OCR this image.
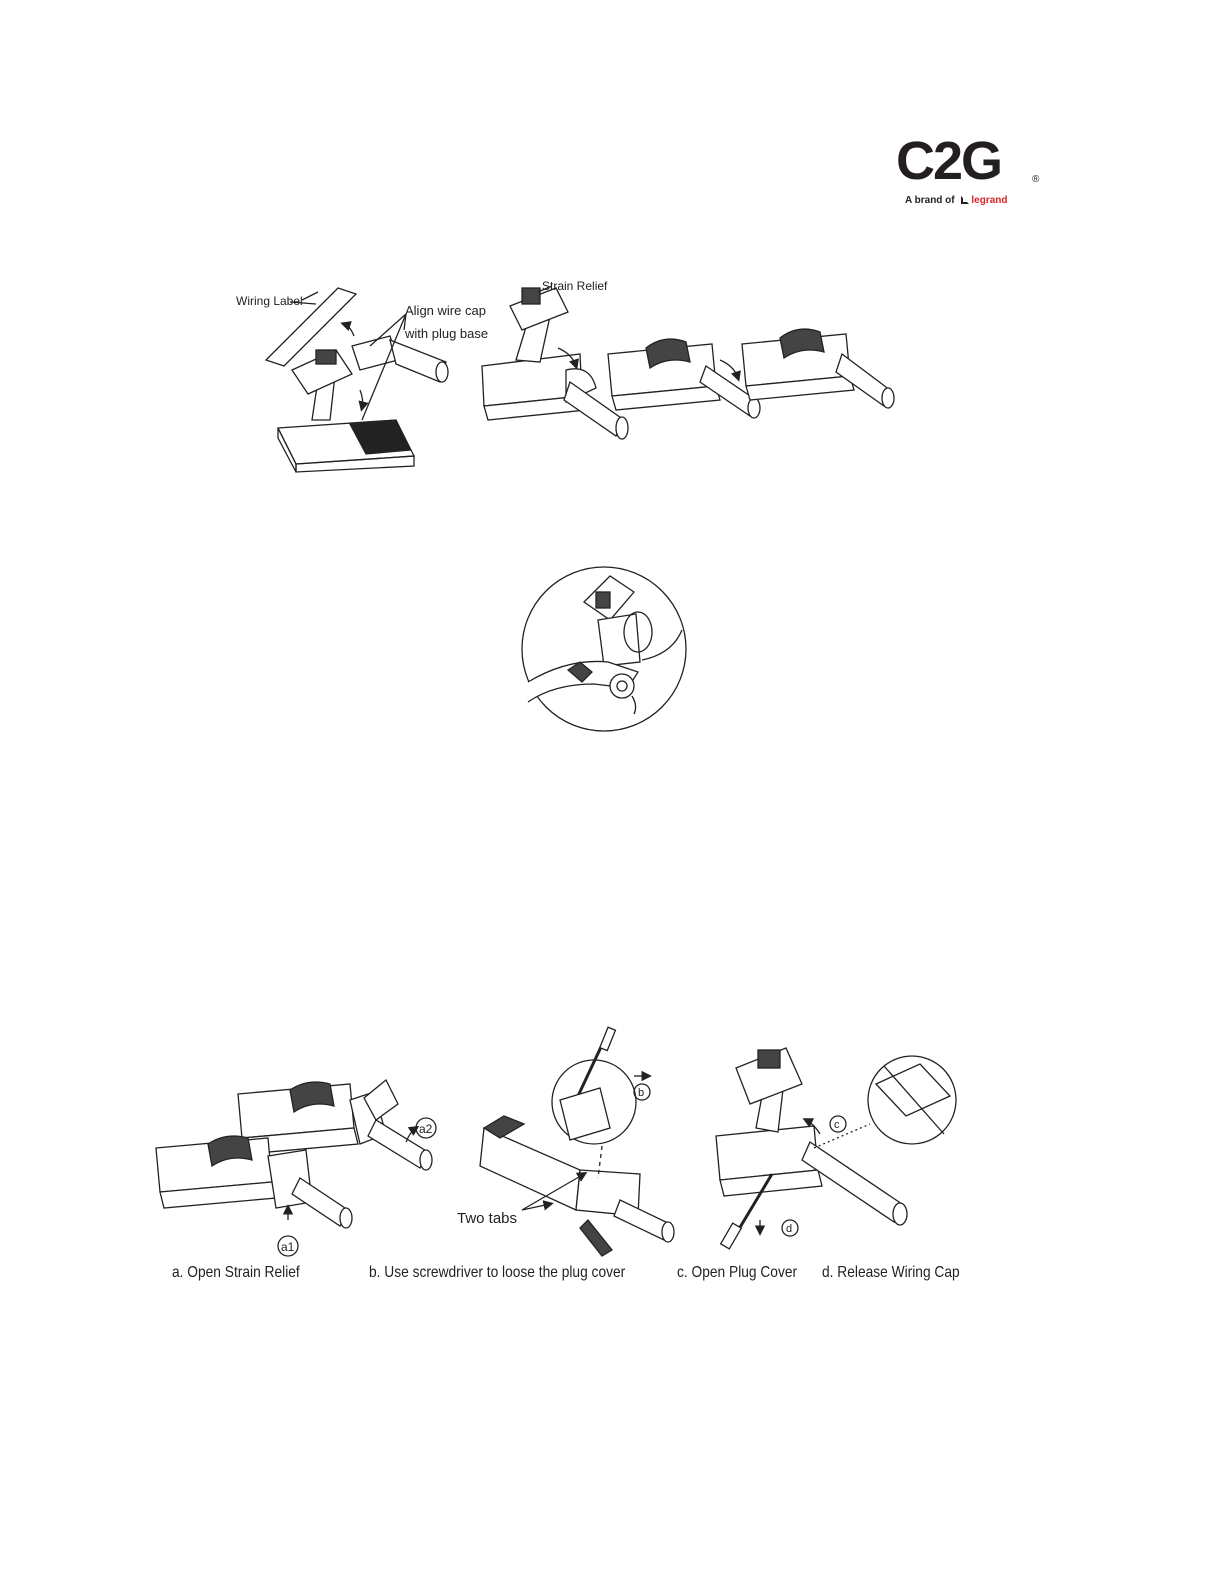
C2G	®
A brand of legrand
Wiring Label
Align wire cap
with plug base
Strain Relief
a2
a1
b
c
d
Two tabs
a. Open Strain Relief	b. Use screwdriver to loose the plug cover	c. Open Plug Cover d. Release Wiring Cap
